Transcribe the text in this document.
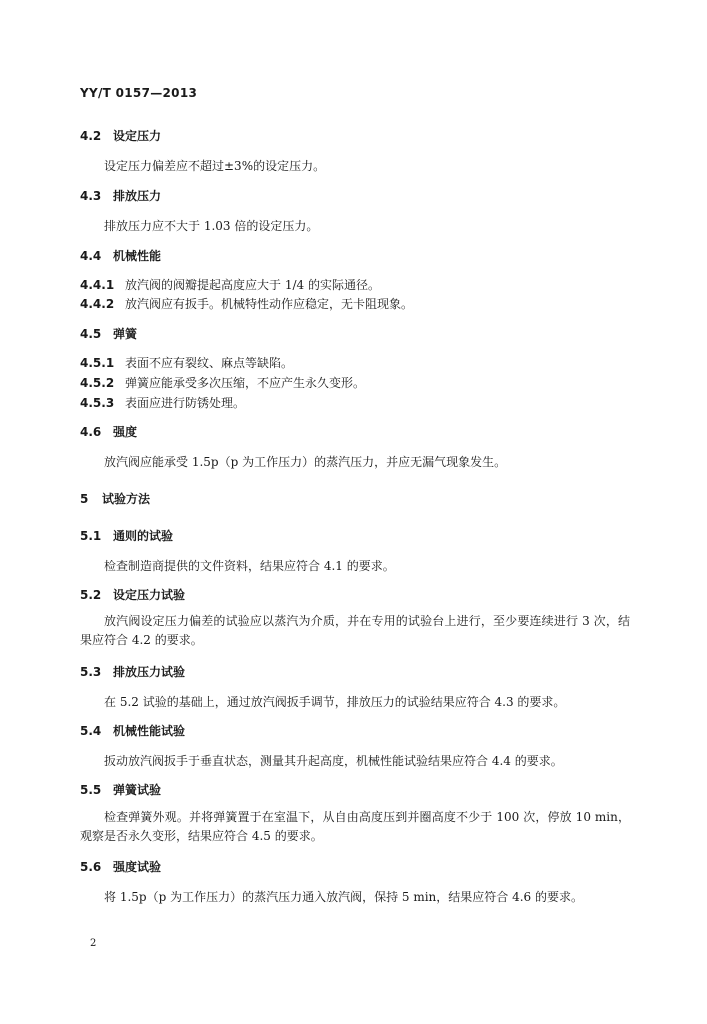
YY/T 0157—2013
4.2 设定压力
设定压力偏差应不超过±3%的设定压力。
4.3 排放压力
排放压力应不大于 1.03 倍的设定压力。
4.4 机械性能
4.4.1 放汽阀的阀瓣提起高度应大于 1/4 的实际通径。
4.4.2 放汽阀应有扳手。机械特性动作应稳定，无卡阻现象。
4.5 弹簧
4.5.1 表面不应有裂纹、麻点等缺陷。
4.5.2 弹簧应能承受多次压缩，不应产生永久变形。
4.5.3 表面应进行防锈处理。
4.6 强度
放汽阀应能承受 1.5p（p 为工作压力）的蒸汽压力，并应无漏气现象发生。
5 试验方法
5.1 通则的试验
检查制造商提供的文件资料，结果应符合 4.1 的要求。
5.2 设定压力试验
放汽阀设定压力偏差的试验应以蒸汽为介质，并在专用的试验台上进行，至少要连续进行 3 次，结果应符合 4.2 的要求。
5.3 排放压力试验
在 5.2 试验的基础上，通过放汽阀扳手调节，排放压力的试验结果应符合 4.3 的要求。
5.4 机械性能试验
扳动放汽阀扳手于垂直状态，测量其升起高度，机械性能试验结果应符合 4.4 的要求。
5.5 弹簧试验
检查弹簧外观。并将弹簧置于在室温下，从自由高度压到并圈高度不少于 100 次，停放 10 min，观察是否永久变形，结果应符合 4.5 的要求。
5.6 强度试验
将 1.5p（p 为工作压力）的蒸汽压力通入放汽阀，保持 5 min，结果应符合 4.6 的要求。
2
